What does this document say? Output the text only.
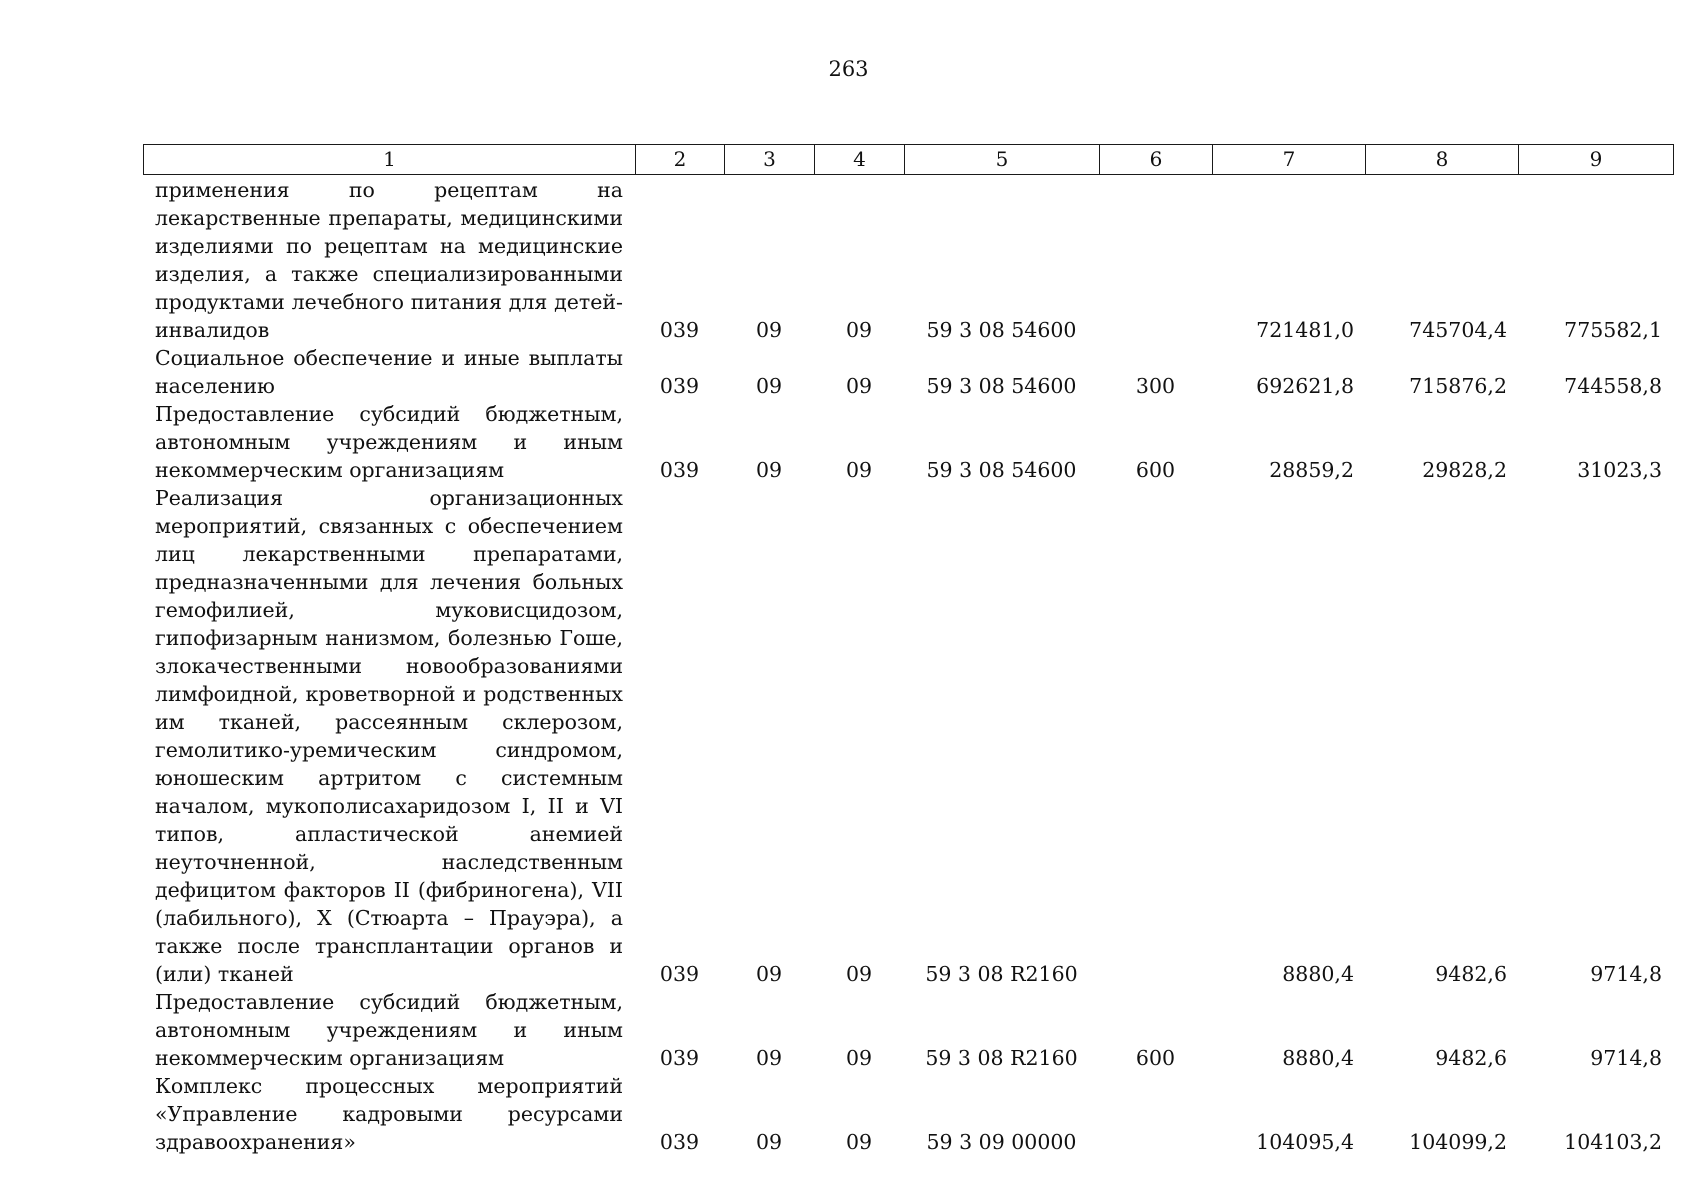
263
1	2	3	4	5	6	7	8	9
применения по рецептам на лекарственные препараты, медицинскими изделиями по рецептам на медицинские изделия, а также специализированными продуктами лечебного питания для детей-инвалидов	039	09	09	59 3 08 54600		721481,0	745704,4	775582,1

Социальное обеспечение и иные выплаты населению	039	09	09	59 3 08 54600	300	692621,8	715876,2	744558,8

Предоставление субсидий бюджетным, автономным учреждениям и иным некоммерческим организациям	039	09	09	59 3 08 54600	600	28859,2	29828,2	31023,3

Реализация организационных мероприятий, связанных с обеспечением лиц лекарственными препаратами, предназначенными для лечения больных гемофилией, муковисцидозом, гипофизарным нанизмом, болезнью Гоше, злокачественными новообразованиями лимфоидной, кроветворной и родственных им тканей, рассеянным склерозом, гемолитико-уремическим синдромом, юношеским артритом с системным началом, мукополисахаридозом I, II и VI типов, апластической анемией неуточненной, наследственным дефицитом факторов II (фибриногена), VII (лабильного), X (Стюарта – Прауэра), а также после трансплантации органов и (или) тканей	039	09	09	59 3 08 R2160		8880,4	9482,6	9714,8

Предоставление субсидий бюджетным, автономным учреждениям и иным некоммерческим организациям	039	09	09	59 3 08 R2160	600	8880,4	9482,6	9714,8

Комплекс процессных мероприятий «Управление кадровыми ресурсами здравоохранения»	039	09	09	59 3 09 00000		104095,4	104099,2	104103,2
